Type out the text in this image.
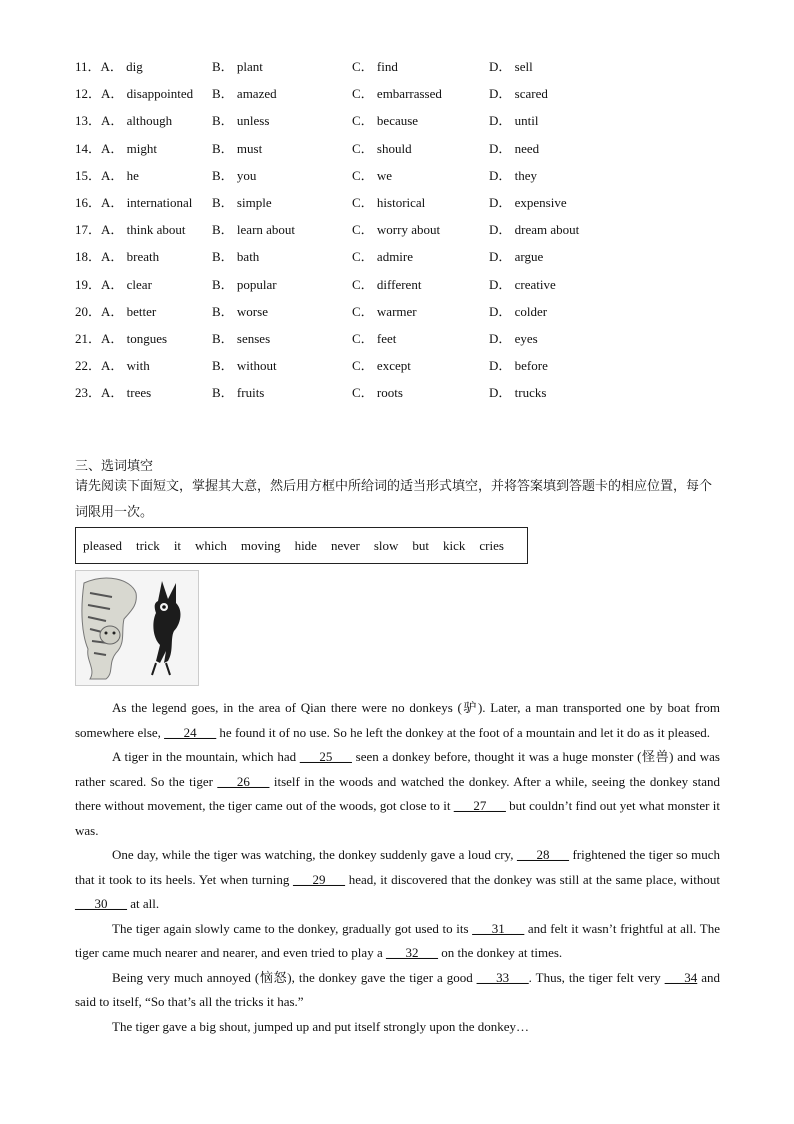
11．A． dig	B． plant	C． find	D． sell
12．A． disappointed	B． amazed	C． embarrassed	D． scared
13．A． although	B． unless	C． because	D． until
14．A． might	B． must	C． should	D． need
15．A． he	B． you	C． we	D． they
16．A． international	B． simple	C． historical	D． expensive
17．A． think about	B． learn about	C． worry about	D． dream about
18．A． breath	B． bath	C． admire	D． argue
19．A． clear	B． popular	C． different	D． creative
20．A． better	B． worse	C． warmer	D． colder
21．A． tongues	B． senses	C． feet	D． eyes
22．A． with	B． without	C． except	D． before
23．A． trees	B． fruits	C． roots	D． trucks
三、选词填空
请先阅读下面短文，掌握其大意，然后用方框中所给词的适当形式填空，并将答案填到答题卡的相应位置，每个词限用一次。
pleased trick it which moving hide never slow but kick cries

As the legend goes, in the area of Qian there were no donkeys (驴). Later, a man transported one by boat from somewhere else, ___24___ he found it of no use. So he left the donkey at the foot of a mountain and let it do as it pleased.

A tiger in the mountain, which had ___25___ seen a donkey before, thought it was a huge monster (怪兽) and was rather scared. So the tiger ___26___ itself in the woods and watched the donkey. After a while, seeing the donkey stand there without movement, the tiger came out of the woods, got close to it ___27___ but couldn’t find out yet what monster it was.

One day, while the tiger was watching, the donkey suddenly gave a loud cry, ___28___ frightened the tiger so much that it took to its heels. Yet when turning ___29___ head, it discovered that the donkey was still at the same place, without ___30___ at all.

The tiger again slowly came to the donkey, gradually got used to its ___31___ and felt it wasn’t frightful at all. The tiger came much nearer and nearer, and even tried to play a ___32___ on the donkey at times.

Being very much annoyed (恼怒), the donkey gave the tiger a good ___33___. Thus, the tiger felt very ___34 and said to itself, “So that’s all the tricks it has.”

The tiger gave a big shout, jumped up and put itself strongly upon the donkey…
